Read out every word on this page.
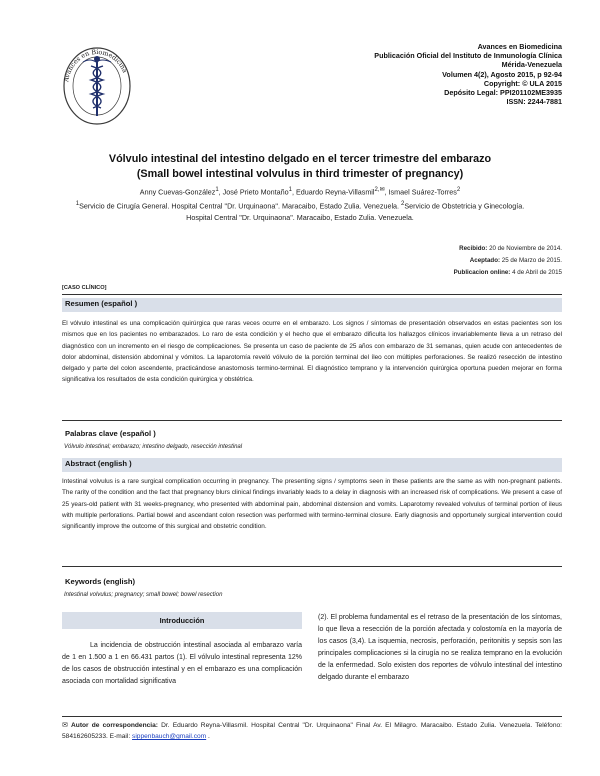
Avances en Biomedicina
Avances en Biomedicina
Publicación Oficial del Instituto de Inmunología Clínica
Mérida-Venezuela
Volumen 4(2), Agosto 2015, p 92-94
Copyright: © ULA 2015
Depósito Legal: PPI201102ME3935
ISSN: 2244-7881
Vólvulo intestinal del intestino delgado en el tercer trimestre del embarazo
(Small bowel intestinal volvulus in third trimester of pregnancy)
Anny Cuevas-González$^1$, José Prieto Montaño$^1$, Eduardo Reyna-Villasmil$^{2,✉}$, Ismael Suárez-Torres$^2$
$^1$Servicio de Cirugía General. Hospital Central "Dr. Urquinaona". Maracaibo, Estado Zulia. Venezuela. $^2$Servicio de Obstetricia y Ginecología. Hospital Central "Dr. Urquinaona". Maracaibo, Estado Zulia. Venezuela.
Recibido: 20 de Noviembre de 2014.
Aceptado: 25 de Marzo de 2015.
Publicacion online: 4 de Abril de 2015
[CASO CLÍNICO]
Resumen (español )
El vólvulo intestinal es una complicación quirúrgica que raras veces ocurre en el embarazo. Los signos / síntomas de presentación observados en estas pacientes son los mismos que en los pacientes no embarazados. Lo raro de esta condición y el hecho que el embarazo dificulta los hallazgos clínicos invariablemente lleva a un retraso del diagnóstico con un incremento en el riesgo de complicaciones. Se presenta un caso de paciente de 25 años con embarazo de 31 semanas, quien acude con antecedentes de dolor abdominal, distensión abdominal y vómitos. La laparotomía reveló vólvulo de la porción terminal del íleo con múltiples perforaciones. Se realizó resección de intestino delgado y parte del colon ascendente, practicándose anastomosis termino-terminal. El diagnóstico temprano y la intervención quirúrgica oportuna pueden mejorar en forma significativa los resultados de esta condición quirúrgica y obstétrica.
Palabras clave (español )
Vólvulo intestinal; embarazo; intestino delgado, resección intestinal
Abstract (english )
Intestinal volvulus is a rare surgical complication occurring in pregnancy. The presenting signs / symptoms seen in these patients are the same as with non-pregnant patients. The rarity of the condition and the fact that pregnancy blurs clinical findings invariably leads to a delay in diagnosis with an increased risk of complications. We present a case of 25 years-old patient with 31 weeks-pregnancy, who presented with abdominal pain, abdominal distension and vomits. Laparotomy revealed volvulus of terminal portion of ileus with multiple perforations. Partial bowel and ascendant colon resection was performed with termino-terminal closure. Early diagnosis and opportunely surgical intervention could significantly improve the outcome of this surgical and obstetric condition.
Keywords (english)
Intestinal volvulus; pregnancy; small bowel; bowel resection
Introducción
La incidencia de obstrucción intestinal asociada al embarazo varía de 1 en 1.500 a 1 en 66.431 partos (1). El vólvulo intestinal representa 12% de los casos de obstrucción intestinal y en el embarazo es una complicación asociada con mortalidad significativa
(2). El problema fundamental es el retraso de la presentación de los síntomas, lo que lleva a resección de la porción afectada y colostomía en la mayoría de los casos (3,4). La isquemia, necrosis, perforación, peritonitis y sepsis son las principales complicaciones si la cirugía no se realiza temprano en la evolución de la enfermedad. Solo existen dos reportes de vólvulo intestinal del intestino delgado durante el embarazo
✉ Autor de correspondencia: Dr. Eduardo Reyna-Villasmil. Hospital Central "Dr. Urquinaona" Final Av. El Milagro. Maracaibo. Estado Zulia. Venezuela. Teléfono: 584162605233. E-mail: sippenbauch@gmail.com .
